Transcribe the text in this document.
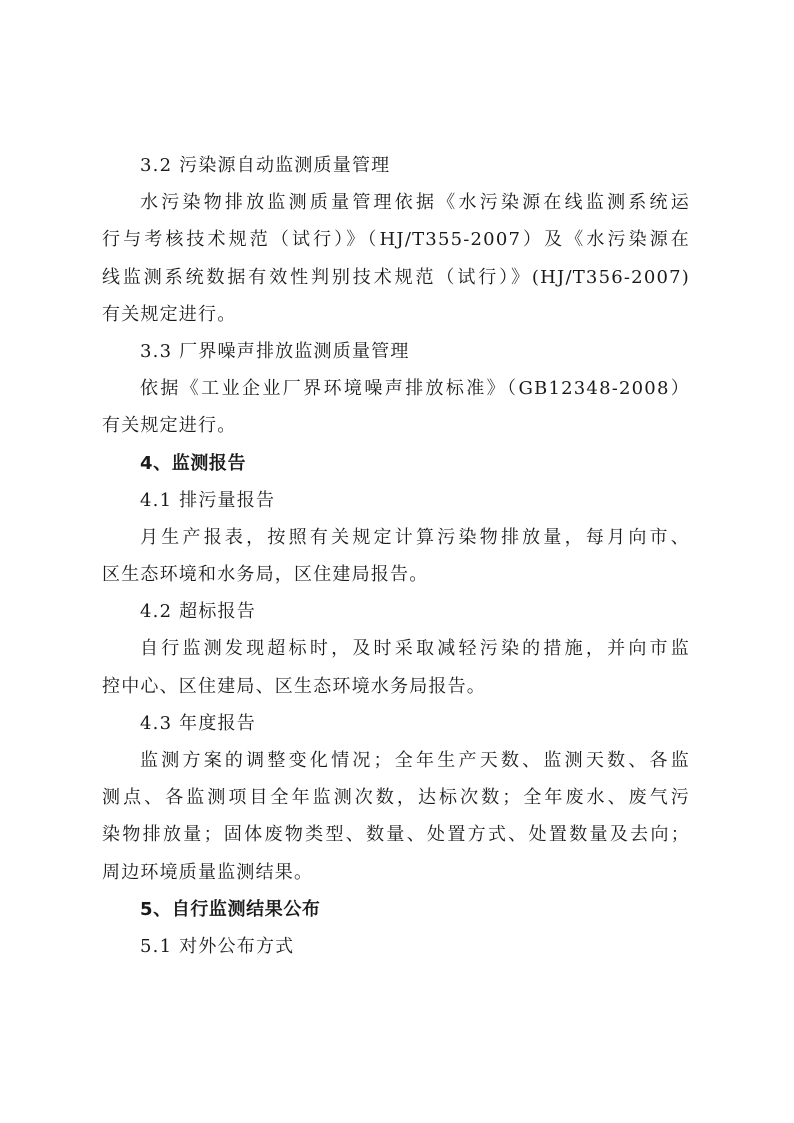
3.2 污染源自动监测质量管理
水污染物排放监测质量管理依据《水污染源在线监测系统运
行与考核技术规范（试行）》（HJ/T355-2007）及《水污染源在
线监测系统数据有效性判别技术规范（试行）》(HJ/T356-2007)
有关规定进行。
3.3 厂界噪声排放监测质量管理
依据《工业企业厂界环境噪声排放标准》（GB12348-2008）
有关规定进行。
4、监测报告
4.1 排污量报告
月生产报表，按照有关规定计算污染物排放量，每月向市、
区生态环境和水务局，区住建局报告。
4.2 超标报告
自行监测发现超标时，及时采取减轻污染的措施，并向市监
控中心、区住建局、区生态环境水务局报告。
4.3 年度报告
监测方案的调整变化情况；全年生产天数、监测天数、各监
测点、各监测项目全年监测次数，达标次数；全年废水、废气污
染物排放量；固体废物类型、数量、处置方式、处置数量及去向；
周边环境质量监测结果。
5、自行监测结果公布
5.1 对外公布方式
